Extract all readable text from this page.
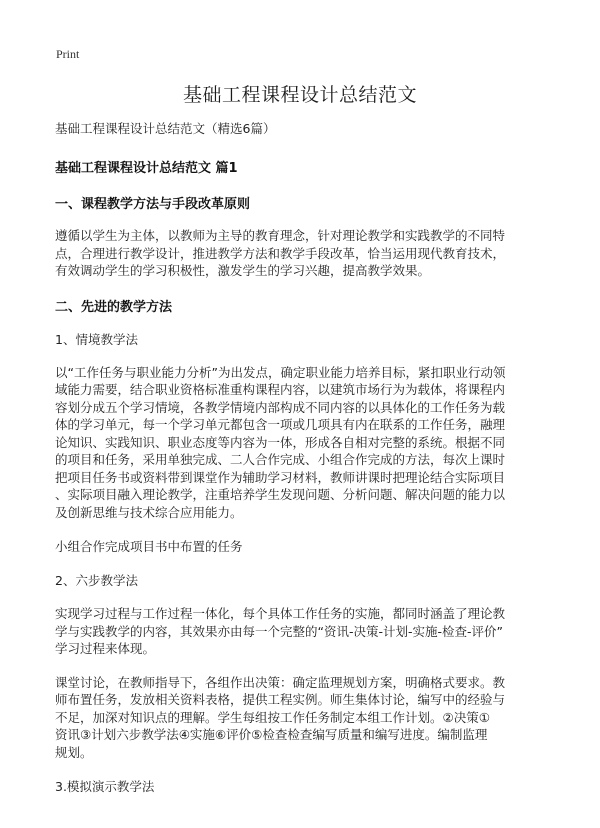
Print

基础工程课程设计总结范文

基础工程课程设计总结范文（精选6篇）

基础工程课程设计总结范文 篇1

一、课程教学方法与手段改革原则

遵循以学生为主体，以教师为主导的教育理念，针对理论教学和实践教学的不同特
点，合理进行教学设计，推进教学方法和教学手段改革，恰当运用现代教育技术，
有效调动学生的学习积极性，激发学生的学习兴趣，提高教学效果。

二、先进的教学方法

1、情境教学法

以“工作任务与职业能力分析”为出发点，确定职业能力培养目标，紧扣职业行动领
域能力需要，结合职业资格标准重构课程内容，以建筑市场行为为载体，将课程内
容划分成五个学习情境，各教学情境内部构成不同内容的以具体化的工作任务为载
体的学习单元，每一个学习单元都包含一项或几项具有内在联系的工作任务，融理
论知识、实践知识、职业态度等内容为一体，形成各自相对完整的系统。根据不同
的项目和任务，采用单独完成、二人合作完成、小组合作完成的方法，每次上课时
把项目任务书或资料带到课堂作为辅助学习材料，教师讲课时把理论结合实际项目
、实际项目融入理论教学，注重培养学生发现问题、分析问题、解决问题的能力以
及创新思维与技术综合应用能力。

小组合作完成项目书中布置的任务

2、六步教学法

实现学习过程与工作过程一体化，每个具体工作任务的实施，都同时涵盖了理论教
学与实践教学的内容，其效果亦由每一个完整的“资讯-决策-计划-实施-检查-评价”
学习过程来体现。

课堂讨论，在教师指导下，各组作出决策：确定监理规划方案，明确格式要求。教
师布置任务，发放相关资料表格，提供工程实例。师生集体讨论，编写中的经验与
不足，加深对知识点的理解。学生每组按工作任务制定本组工作计划。②决策①
资讯③计划六步教学法④实施⑥评价⑤检查检查编写质量和编写进度。编制监理
规划。

3.模拟演示教学法
